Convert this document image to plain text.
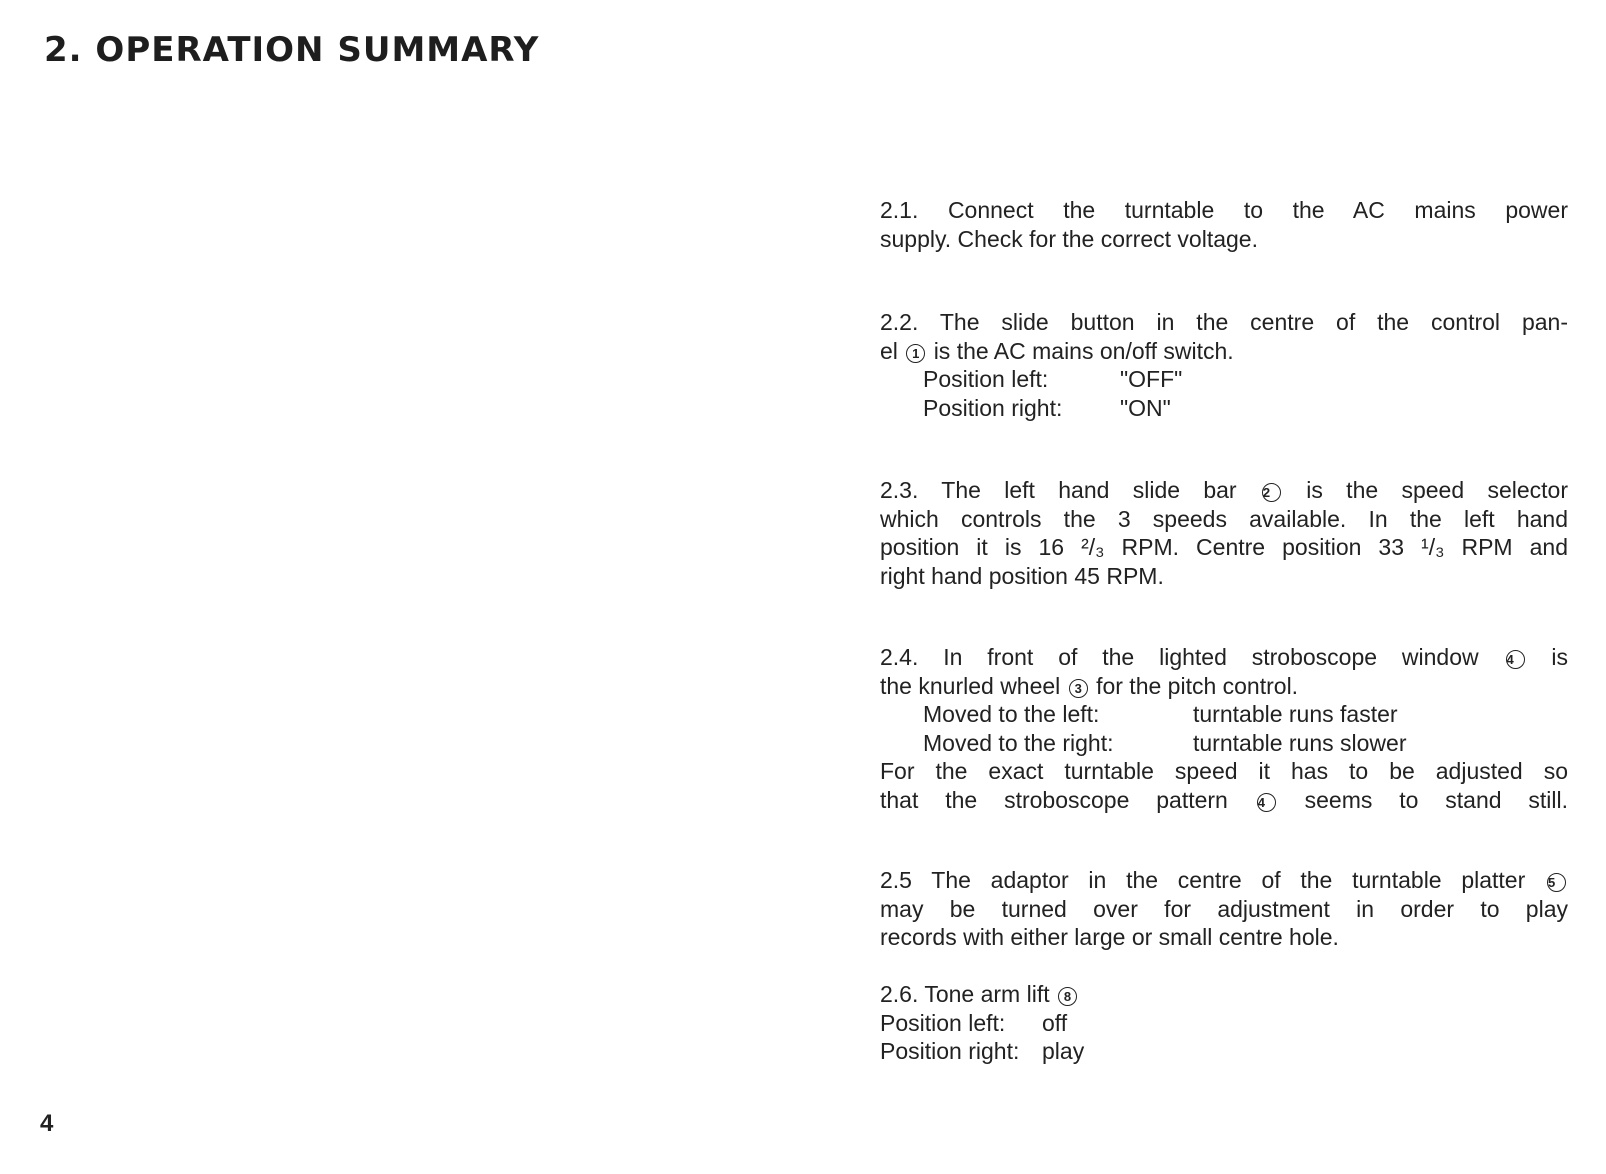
2. OPERATION SUMMARY

2.1. Connect the turntable to the AC mains power

supply. Check for the correct voltage.

2.2. The slide button in the centre of the control pan-

el 1 is the AC mains on/off switch.

Position left:	"OFF"

Position right:	"ON"

2.3. The left hand slide bar 2 is the speed selector

which controls the 3 speeds available. In the left hand

position it is 16 ²/₃ RPM. Centre position 33 ¹/₃ RPM and

right hand position 45 RPM.

2.4. In front of the lighted stroboscope window 4 is

the knurled wheel 3 for the pitch control.

Moved to the left:	turntable runs faster

Moved to the right:	turntable runs slower

For the exact turntable speed it has to be adjusted so

that the stroboscope pattern 4 seems to stand still.

2.5 The adaptor in the centre of the turntable platter 5

may be turned over for adjustment in order to play

records with either large or small centre hole.

2.6. Tone arm lift 8

Position left:	off

Position right: play

4
